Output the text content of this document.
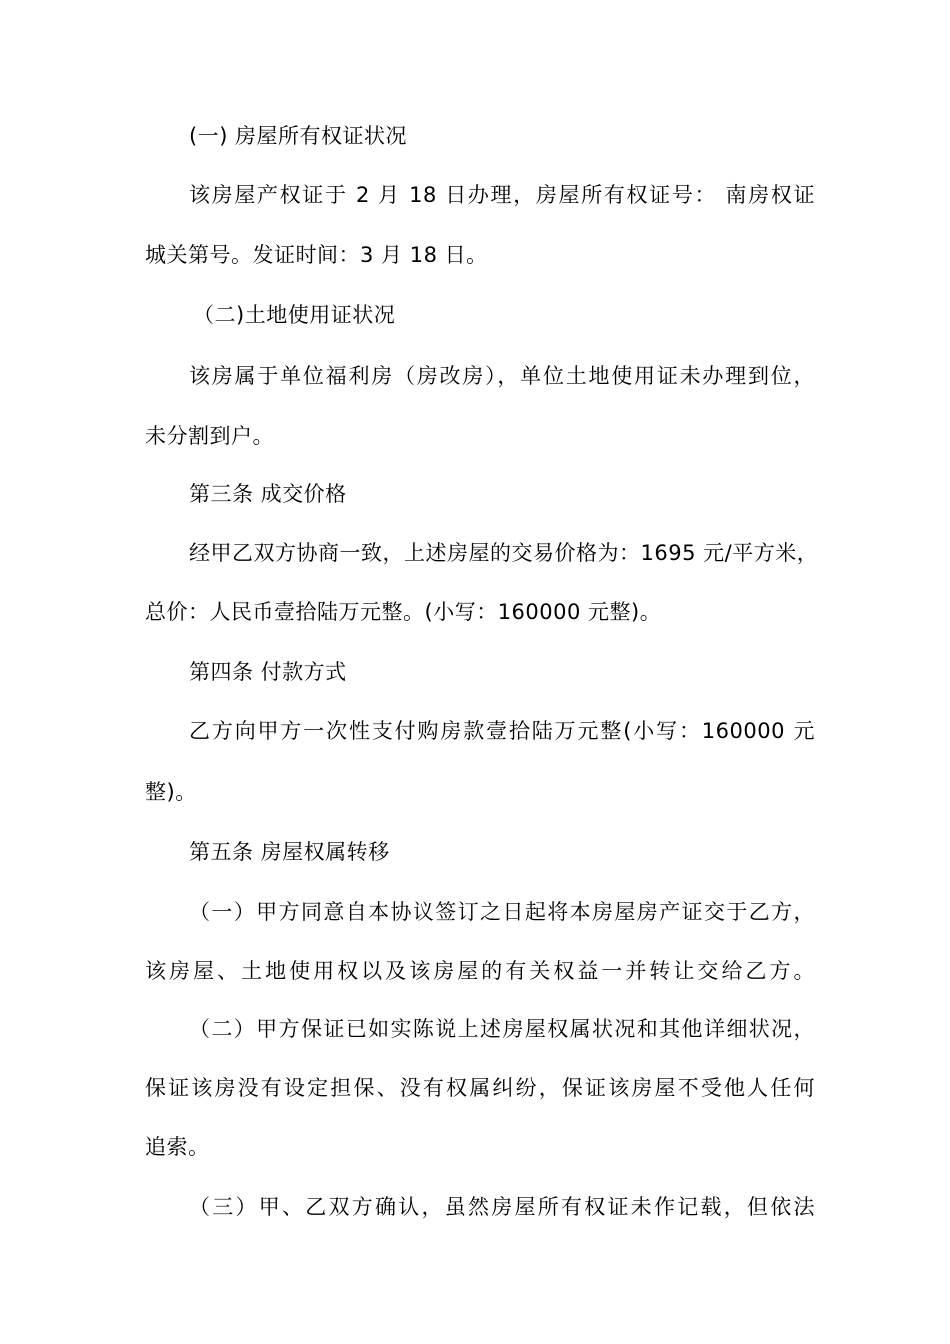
(一) 房屋所有权证状况
该房屋产权证于 2 月 18 日办理，房屋所有权证号： 南房权证
城关第号。发证时间：3 月 18 日。
（二)土地使用证状况
该房属于单位福利房（房改房），单位土地使用证未办理到位，
未分割到户。
第三条 成交价格
经甲乙双方协商一致，上述房屋的交易价格为：1695 元/平方米，
总价：人民币壹拾陆万元整。(小写：160000 元整)。
第四条 付款方式
乙方向甲方一次性支付购房款壹拾陆万元整(小写：160000 元
整)。
第五条 房屋权属转移
（一）甲方同意自本协议签订之日起将本房屋房产证交于乙方，
该房屋、土地使用权以及该房屋的有关权益一并转让交给乙方。
（二）甲方保证已如实陈说上述房屋权属状况和其他详细状况，
保证该房没有设定担保、没有权属纠纷，保证该房屋不受他人任何
追索。
（三）甲、乙双方确认，虽然房屋所有权证未作记载，但依法
